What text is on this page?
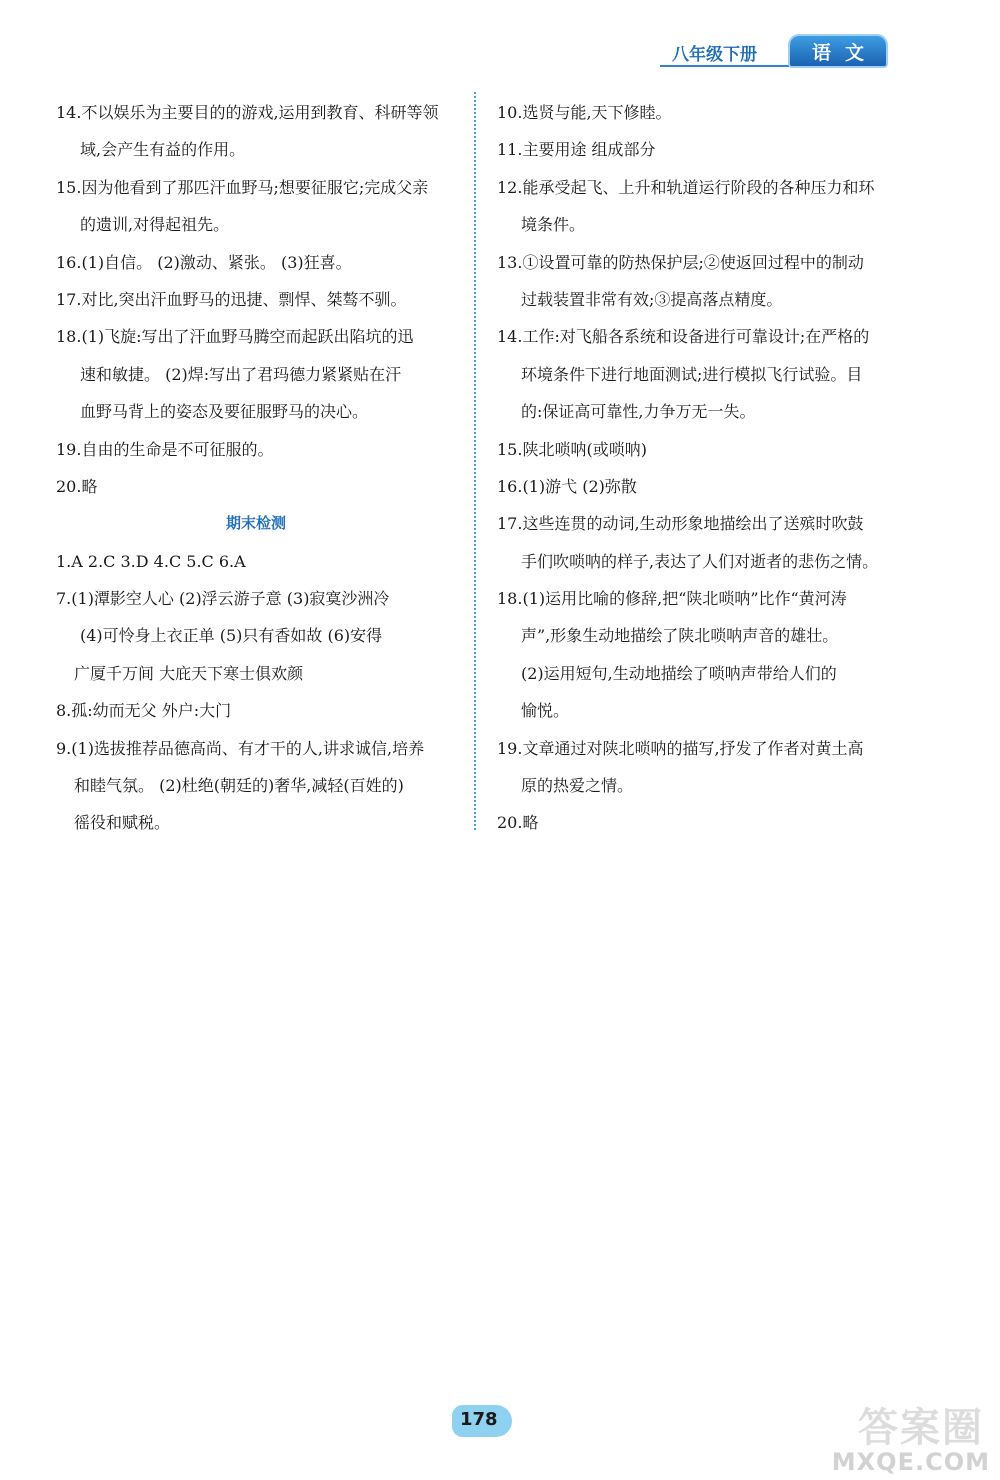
八年级下册	语文
14.不以娱乐为主要目的的游戏,运用到教育、科研等领
域,会产生有益的作用。
15.因为他看到了那匹汗血野马;想要征服它;完成父亲
的遗训,对得起祖先。
16.(1)自信。 (2)激动、紧张。 (3)狂喜。
17.对比,突出汗血野马的迅捷、剽悍、桀骜不驯。
18.(1)飞旋:写出了汗血野马腾空而起跃出陷坑的迅
速和敏捷。 (2)焊:写出了君玛德力紧紧贴在汗
血野马背上的姿态及要征服野马的决心。
19.自由的生命是不可征服的。
20.略
期末检测
1.A 2.C 3.D 4.C 5.C 6.A
7.(1)潭影空人心 (2)浮云游子意 (3)寂寞沙洲冷
(4)可怜身上衣正单 (5)只有香如故 (6)安得
广厦千万间 大庇天下寒士俱欢颜
8.孤:幼而无父 外户:大门
9.(1)选拔推荐品德高尚、有才干的人,讲求诚信,培养
和睦气氛。 (2)杜绝(朝廷的)奢华,减轻(百姓的)
徭役和赋税。
10.选贤与能,天下修睦。
11.主要用途 组成部分
12.能承受起飞、上升和轨道运行阶段的各种压力和环
境条件。
13.①设置可靠的防热保护层;②使返回过程中的制动
过载装置非常有效;③提高落点精度。
14.工作:对飞船各系统和设备进行可靠设计;在严格的
环境条件下进行地面测试;进行模拟飞行试验。目
的:保证高可靠性,力争万无一失。
15.陕北唢呐(或唢呐)
16.(1)游弋 (2)弥散
17.这些连贯的动词,生动形象地描绘出了送殡时吹鼓
手们吹唢呐的样子,表达了人们对逝者的悲伤之情。
18.(1)运用比喻的修辞,把“陕北唢呐”比作“黄河涛
声”,形象生动地描绘了陕北唢呐声音的雄壮。
(2)运用短句,生动地描绘了唢呐声带给人们的
愉悦。
19.文章通过对陕北唢呐的描写,抒发了作者对黄土高
原的热爱之情。
20.略
178	答案圈
MXQE.COM
